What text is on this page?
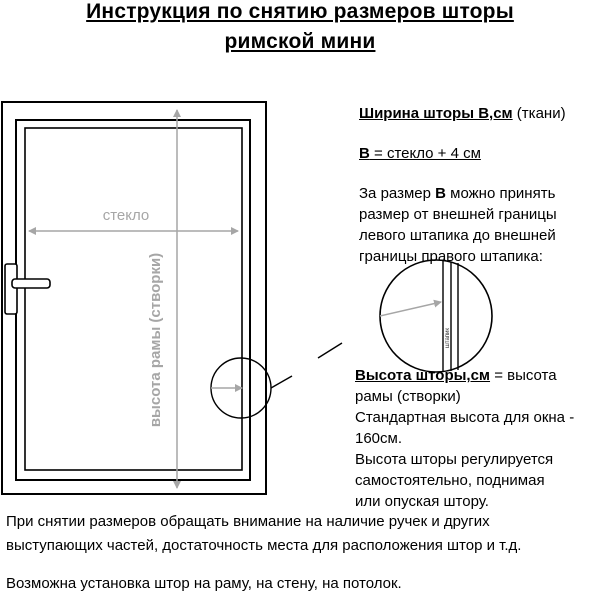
Инструкция по снятию размеров шторы
римской мини
стекло
высота рамы (створки)	штапик
Ширина шторы В,см (ткани)
В = стекло + 4 см
За размер В можно принять
размер от внешней границы
левого штапика до внешней
границы правого штапика:
Высота шторы,см = высота
рамы (створки)
Стандартная высота для окна -
160см.
Высота шторы регулируется
самостоятельно, поднимая
или опуская штору.
При снятии размеров обращать внимание на наличие ручек и других
выступающих частей, достаточность места для расположения штор и т.д.
Возможна установка штор на раму, на стену, на потолок.
